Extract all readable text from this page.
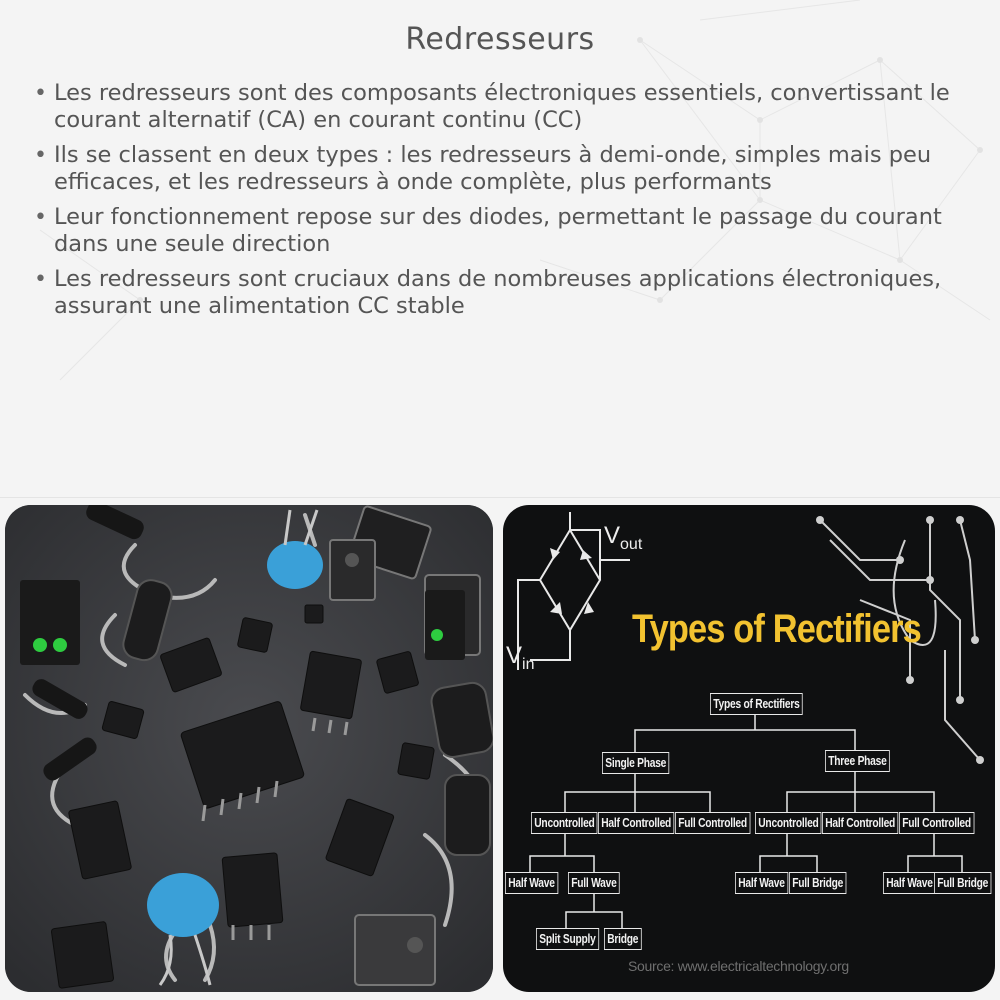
Redresseurs
• Les redresseurs sont des composants électroniques essentiels, convertissant le courant alternatif (CA) en courant continu (CC)
• Ils se classent en deux types : les redresseurs à demi-onde, simples mais peu efficaces, et les redresseurs à onde complète, plus performants
• Leur fonctionnement repose sur des diodes, permettant le passage du courant dans une seule direction
• Les redresseurs sont cruciaux dans de nombreuses applications électroniques, assurant une alimentation CC stable
$V_{out}$
$V_{in}$
Types of Rectifiers
Types of Rectifiers
Single Phase	Three Phase
Uncontrolled Half Controlled Full Controlled Uncontrolled Half Controlled Full Controlled
Half Wave Full Wave	Half Wave Full Bridge	Half Wave Full Bridge
Split Supply Bridge
Source: www.electricaltechnology.org
